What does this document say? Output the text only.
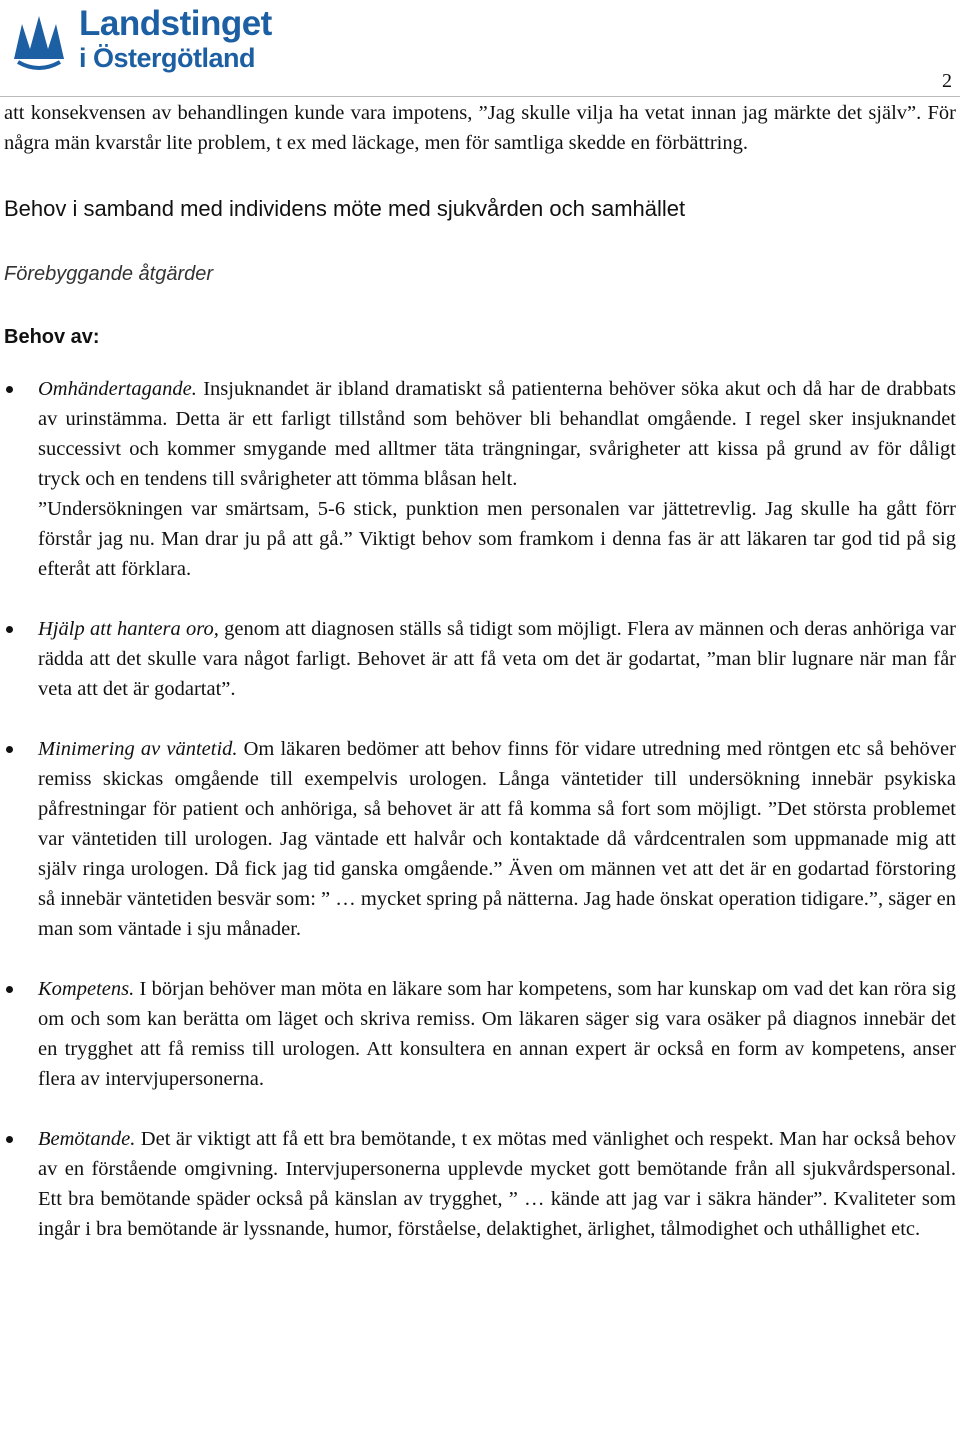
Landstinget
i Östergötland
2

att konsekvensen av behandlingen kunde vara impotens, ”Jag skulle vilja ha vetat innan jag märkte det själv”. För några män kvarstår lite problem, t ex med läckage, men för samtliga skedde en förbättring.

Behov i samband med individens möte med sjukvården och samhället

Förebyggande åtgärder

Behov av:

Omhändertagande. Insjuknandet är ibland dramatiskt så patienterna behöver söka akut och då har de drabbats av urinstämma. Detta är ett farligt tillstånd som behöver bli behandlat omgående. I regel sker insjuknandet successivt och kommer smygande med alltmer täta trängningar, svårigheter att kissa på grund av för dåligt tryck och en tendens till svårigheter att tömma blåsan helt.
”Undersökningen var smärtsam, 5-6 stick, punktion men personalen var jättetrevlig. Jag skulle ha gått förr förstår jag nu. Man drar ju på att gå.” Viktigt behov som framkom i denna fas är att läkaren tar god tid på sig efteråt att förklara.
Hjälp att hantera oro, genom att diagnosen ställs så tidigt som möjligt. Flera av männen och deras anhöriga var rädda att det skulle vara något farligt. Behovet är att få veta om det är godartat, ”man blir lugnare när man får veta att det är godartat”.
Minimering av väntetid. Om läkaren bedömer att behov finns för vidare utredning med röntgen etc så behöver remiss skickas omgående till exempelvis urologen. Långa väntetider till undersökning innebär psykiska påfrestningar för patient och anhöriga, så behovet är att få komma så fort som möjligt. ”Det största problemet var väntetiden till urologen. Jag väntade ett halvår och kontaktade då vårdcentralen som uppmanade mig att själv ringa urologen. Då fick jag tid ganska omgående.” Även om männen vet att det är en godartad förstoring så innebär väntetiden besvär som: ” … mycket spring på nätterna. Jag hade önskat operation tidigare.”, säger en man som väntade i sju månader.
Kompetens. I början behöver man möta en läkare som har kompetens, som har kunskap om vad det kan röra sig om och som kan berätta om läget och skriva remiss. Om läkaren säger sig vara osäker på diagnos innebär det en trygghet att få remiss till urologen. Att konsultera en annan expert är också en form av kompetens, anser flera av intervjupersonerna.
Bemötande. Det är viktigt att få ett bra bemötande, t ex mötas med vänlighet och respekt. Man har också behov av en förstående omgivning. Intervjupersonerna upplevde mycket gott bemötande från all sjukvårdspersonal. Ett bra bemötande späder också på känslan av trygghet, ” … kände att jag var i säkra händer”. Kvaliteter som ingår i bra bemötande är lyssnande, humor, förståelse, delaktighet, ärlighet, tålmodighet och uthållighet etc.
